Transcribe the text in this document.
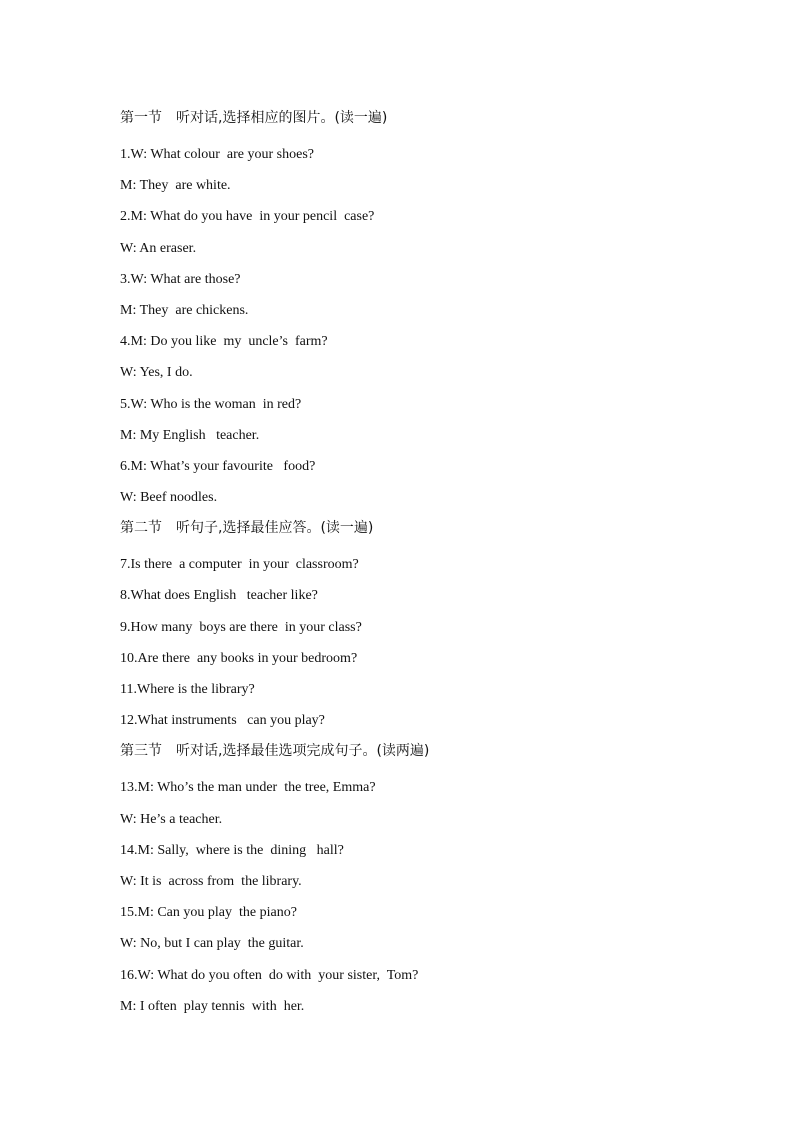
第一节　听对话,选择相应的图片。(读一遍)
1.W: What colour  are your shoes?
M: They  are white.
2.M: What do you have  in your pencil  case?
W: An eraser.
3.W: What are those?
M: They  are chickens.
4.M: Do you like  my  uncle’s  farm?
W: Yes, I do.
5.W: Who is the woman  in red?
M: My English   teacher.
6.M: What’s your favourite   food?
W: Beef noodles.
第二节　听句子,选择最佳应答。(读一遍)
7.Is there  a computer  in your  classroom?
8.What does English   teacher like?
9.How many  boys are there  in your class?
10.Are there  any books in your bedroom?
11.Where is the library?
12.What instruments   can you play?
第三节　听对话,选择最佳选项完成句子。(读两遍)
13.M: Who’s the man under  the tree, Emma?
W: He’s a teacher.
14.M: Sally,  where is the  dining   hall?
W: It is  across from  the library.
15.M: Can you play  the piano?
W: No, but I can play  the guitar.
16.W: What do you often  do with  your sister,  Tom?
M: I often  play tennis  with  her.
